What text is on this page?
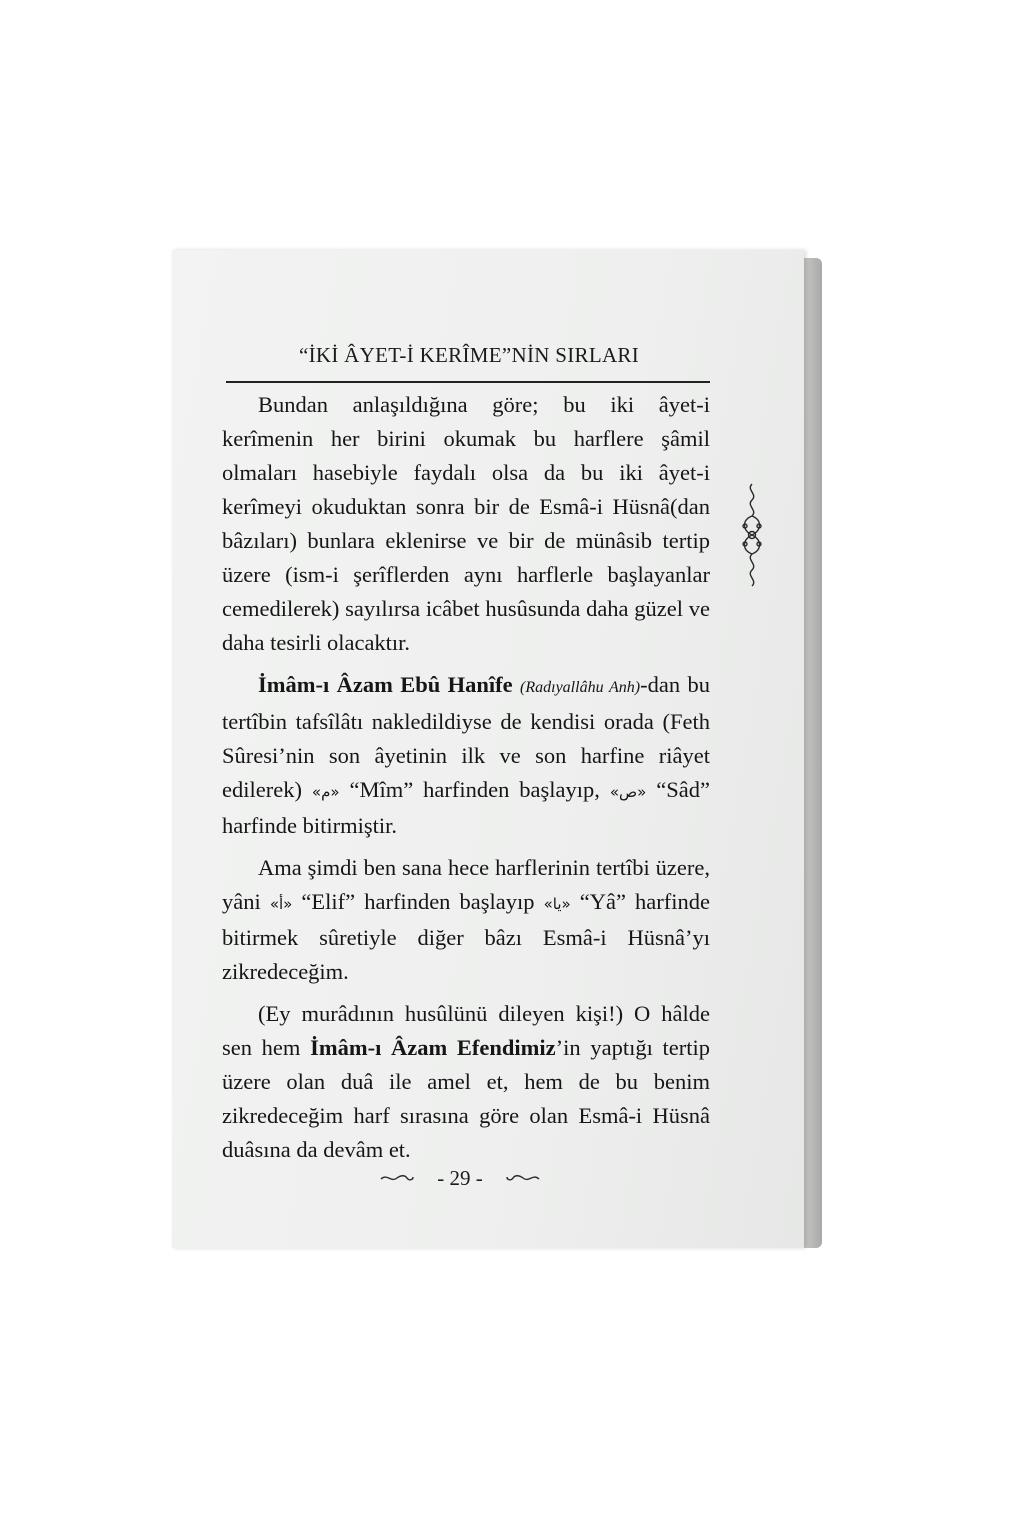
“İKİ ÂYET-İ KERÎME”NİN SIRLARI

Bundan anlaşıldığına göre; bu iki âyet-i kerîmenin her birini okumak bu harflere şâmil olmaları hasebiyle faydalı olsa da bu iki âyet-i kerîmeyi okuduktan sonra bir de Esmâ-i Hüsnâ(dan bâzıları) bunlara eklenirse ve bir de münâsib tertip üzere (ism-i şerîflerden aynı harflerle başlayanlar cemedilerek) sayılırsa icâbet husûsunda daha güzel ve daha tesirli olacaktır.

İmâm-ı Âzam Ebû Hanîfe (Radıyallâhu Anh)-dan bu tertîbin tafsîlâtı nakledildiyse de kendisi orada (Feth Sûresi’nin son âyetinin ilk ve son harfine riâyet edilerek) «م» “Mîm” harfinden başlayıp, «ص» “Sâd” harfinde bitirmiştir.

Ama şimdi ben sana hece harflerinin tertîbi üzere, yâni «أ» “Elif” harfinden başlayıp «يا» “Yâ” harfinde bitirmek sûretiyle diğer bâzı Esmâ-i Hüsnâ’yı zikredeceğim.

(Ey murâdının husûlünü dileyen kişi!) O hâlde sen hem İmâm-ı Âzam Efendimiz’in yaptığı tertip üzere olan duâ ile amel et, hem de bu benim zikredeceğim harf sırasına göre olan Esmâ-i Hüsnâ duâsına da devâm et.

- 29 -
